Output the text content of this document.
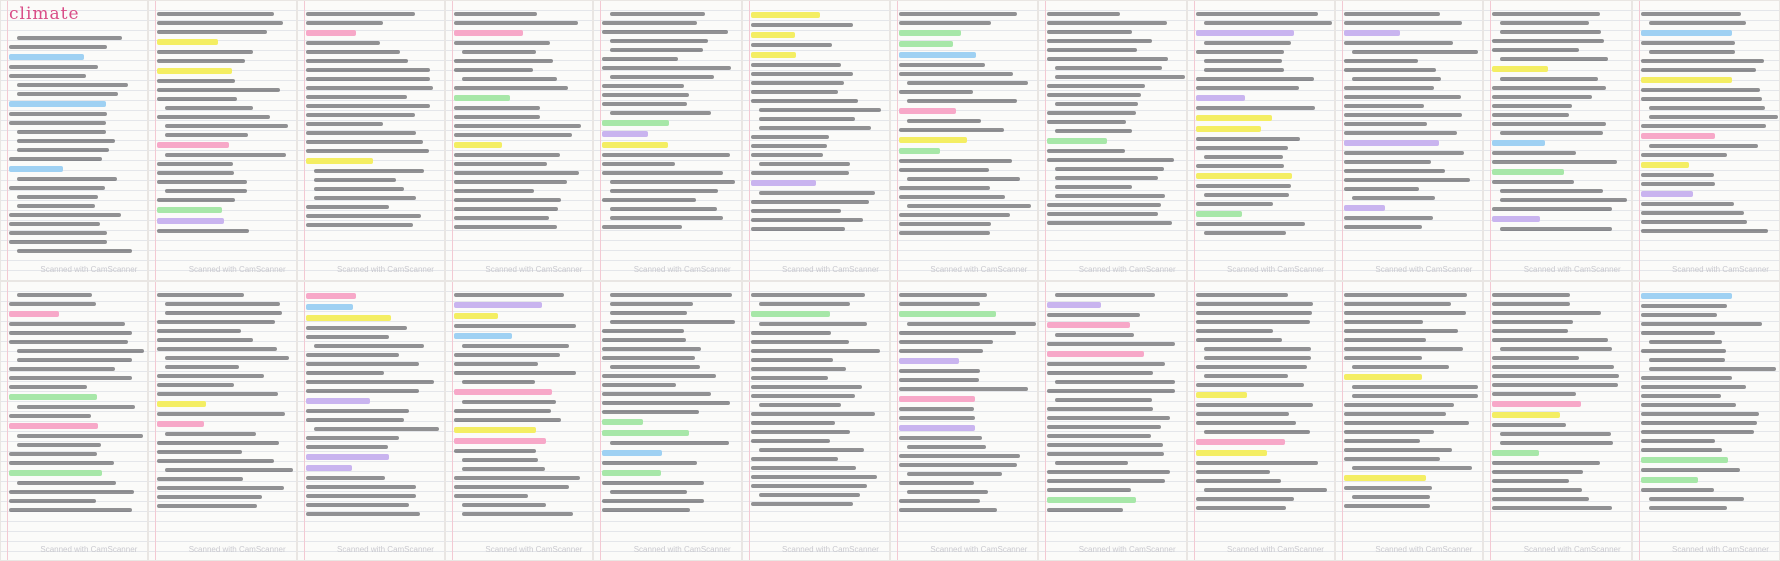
Scanned with CamScanner	Scanned with CamScanner	Scanned with CamScanner	Scanned with CamScanner	Scanned with CamScanner	Scanned with CamScanner	Scanned with CamScanner	Scanned with CamScanner	Scanned with CamScanner	Scanned with CamScanner	Scanned with CamScanner	Scanned with CamScanner
Scanned with CamScanner	Scanned with CamScanner	Scanned with CamScanner	Scanned with CamScanner	Scanned with CamScanner	Scanned with CamScanner	Scanned with CamScanner	Scanned with CamScanner	Scanned with CamScanner	Scanned with CamScanner	Scanned with CamScanner	Scanned with CamScanner
climate
